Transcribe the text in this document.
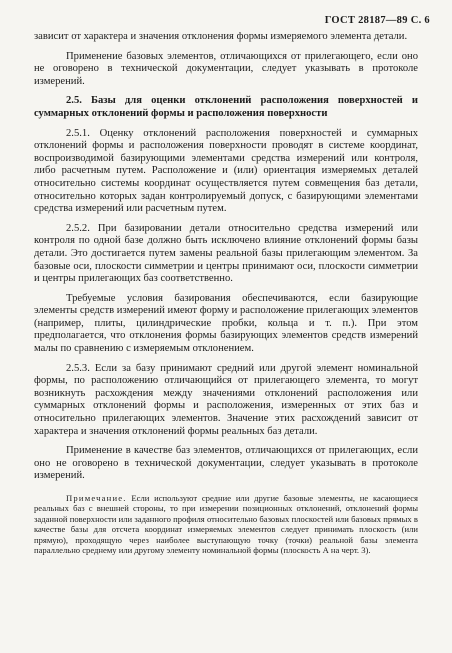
ГОСТ 28187—89 С. 6

зависит от характера и значения отклонения формы измеряемого элемента детали.

Применение базовых элементов, отличающихся от прилегающего, если оно не оговорено в технической документации, следует указывать в протоколе измерений.

2.5. Базы для оценки отклонений расположения поверхностей и суммарных отклонений формы и расположения поверхности

2.5.1. Оценку отклонений расположения поверхностей и суммарных отклонений формы и расположения поверхности проводят в системе координат, воспроизводимой базирующими элементами средства измерений или контроля, либо расчетным путем. Расположение и (или) ориентация измеряемых деталей относительно системы координат осуществляется путем совмещения баз детали, относительно которых задан контролируемый допуск, с базирующими элементами средства измерений или расчетным путем.

2.5.2. При базировании детали относительно средства измерений или контроля по одной базе должно быть исключено влияние отклонений формы базы детали. Это достигается путем замены реальной базы прилегающим элементом. За базовые оси, плоскости симметрии и центры принимают оси, плоскости симметрии и центры прилегающих баз соответственно.

Требуемые условия базирования обеспечиваются, если базирующие элементы средств измерений имеют форму и расположение прилегающих элементов (например, плиты, цилиндрические пробки, кольца и т. п.). При этом предполагается, что отклонения формы базирующих элементов средств измерений малы по сравнению с измеряемым отклонением.

2.5.3. Если за базу принимают средний или другой элемент номинальной формы, по расположению отличающийся от прилегающего элемента, то могут возникнуть расхождения между значениями отклонений расположения или суммарных отклонений формы и расположения, измеренных от этих баз и относительно прилегающих элементов. Значение этих расхождений зависит от характера и значения отклонений формы реальных баз детали.

Применение в качестве баз элементов, отличающихся от прилегающих, если оно не оговорено в технической документации, следует указывать в протоколе измерений.

Примечание. Если используют средние или другие базовые элементы, не касающиеся реальных баз с внешней стороны, то при измерении позиционных отклонений, отклонений формы заданной поверхности или заданного профиля относительно базовых плоскостей или базовых прямых в качестве базы для отсчета координат измеряемых элементов следует принимать плоскость (или прямую), проходящую через наиболее выступающую точку (точки) реальной базы элемента параллельно среднему или другому элементу номинальной формы (плоскость А на черт. 3).
